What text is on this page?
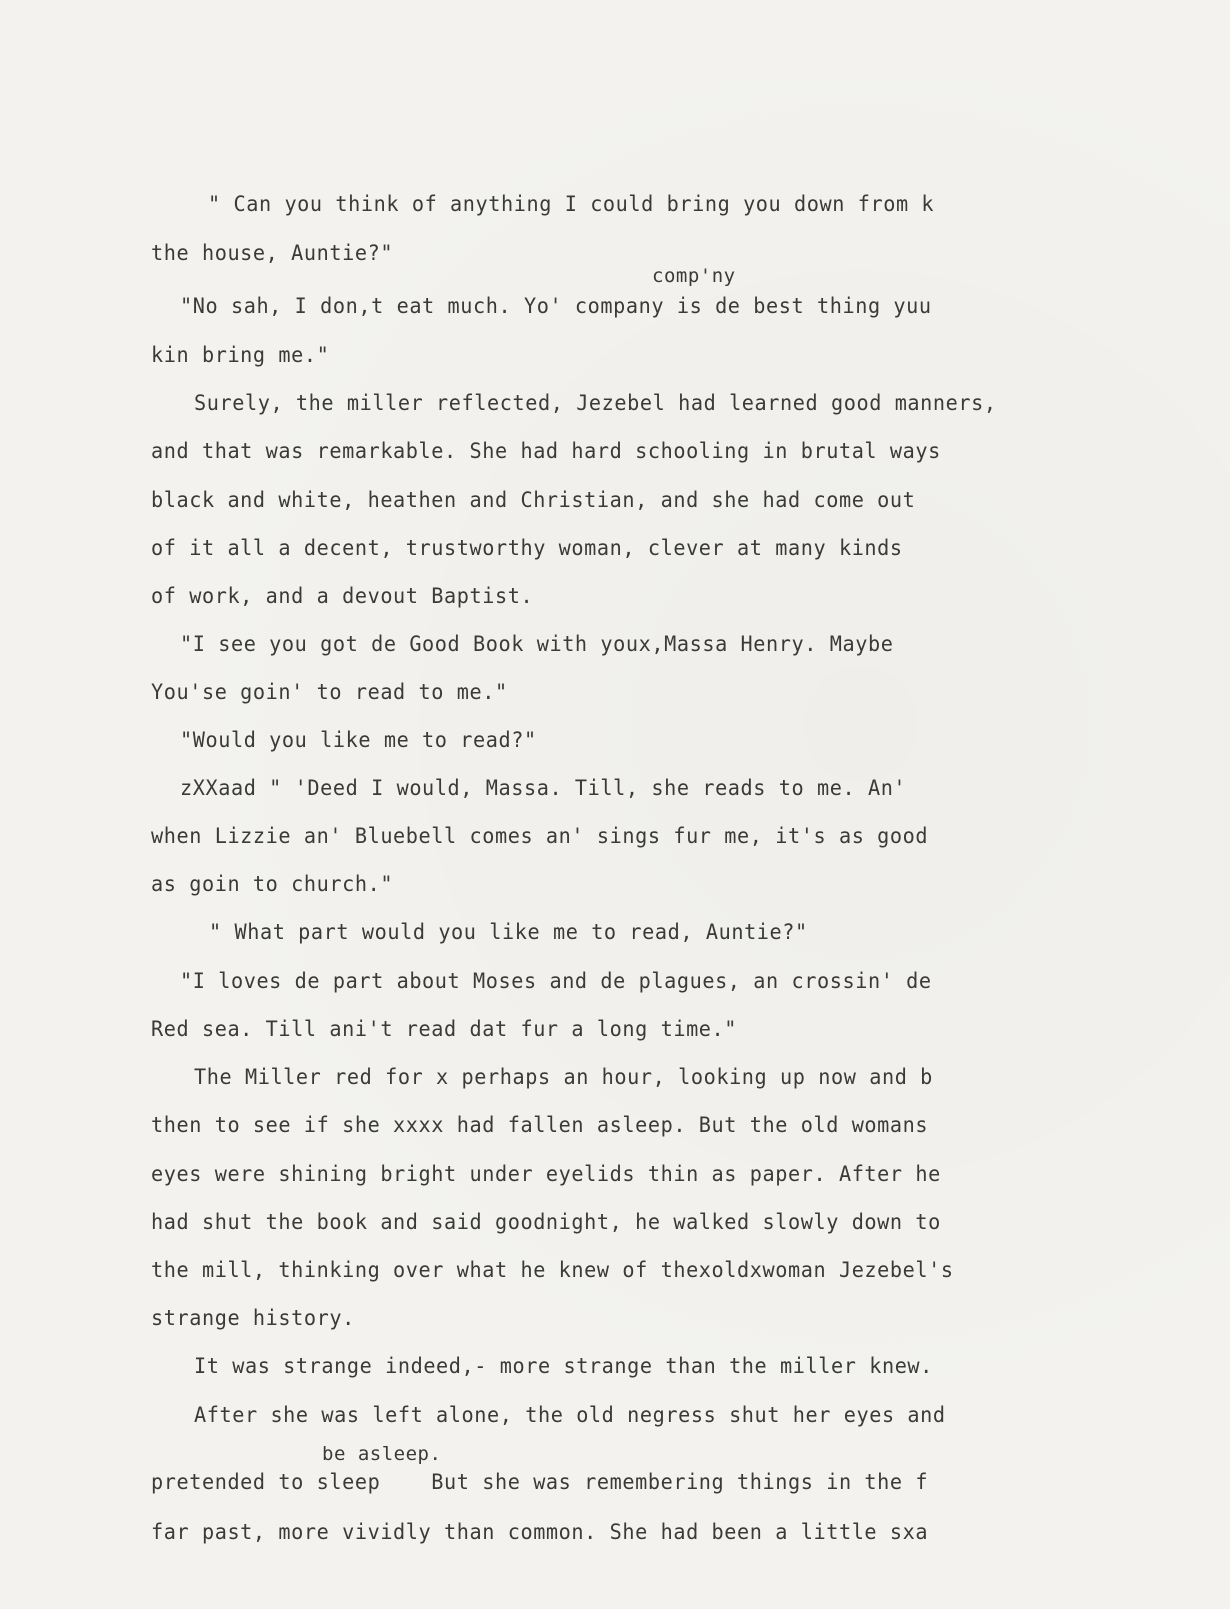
comp'ny
be asleep.
" Can you think of anything I could bring you down from k
the house, Auntie?"
"No sah, I don,t eat much. Yo' company is de best thing yuu
kin bring me."
Surely, the miller reflected, Jezebel had learned good manners,
and that was remarkable. She had hard schooling in brutal ways
black and white, heathen and Christian, and she had come out
of it all a decent, trustworthy woman, clever at many kinds
of work, and a devout Baptist.
"I see you got de Good Book with youx,Massa Henry. Maybe
You'se goin' to read to me."
"Would you like me to read?"
zXXaad " 'Deed I would, Massa. Till, she reads to me. An'
when Lizzie an' Bluebell comes an' sings fur me, it's as good
as goin to church."
" What part would you like me to read, Auntie?"
"I loves de part about Moses and de plagues, an crossin' de
Red sea. Till ani't read dat fur a long time."
The Miller red for x perhaps an hour, looking up now and b
then to see if she xxxx had fallen asleep. But the old womans
eyes were shining bright under eyelids thin as paper. After he
had shut the book and said goodnight, he walked slowly down to
the mill, thinking over what he knew of thexoldxwoman Jezebel's
strange history.
It was strange indeed,- more strange than the miller knew.
After she was left alone, the old negress shut her eyes and
pretended to sleep    But she was remembering things in the f
far past, more vividly than common. She had been a little sxa
